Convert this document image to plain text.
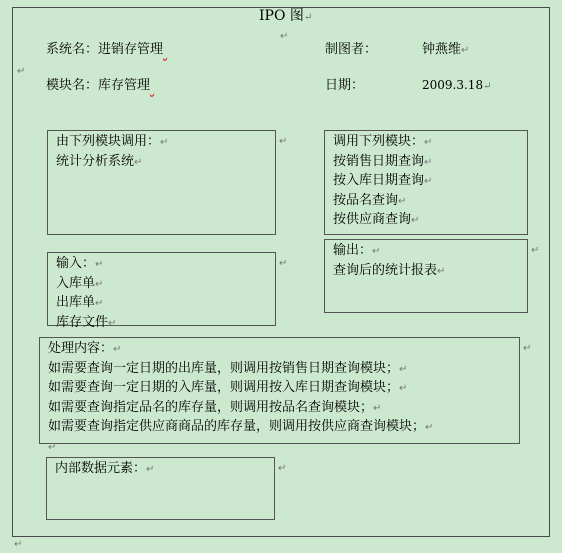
IPO 图↵
系统名： 进销存管理	制图者：	钟燕维↵
↵
↵
模块名： 库存管理	日期：	2009.3.18↵
由下列模块调用：↵
统计分析系统↵
↵	调用下列模块：↵
按销售日期查询↵
按入库日期查询↵
按品名查询↵
按供应商查询↵
输入：↵
入库单↵
出库单↵
库存文件↵
↵
输出：↵
查询后的统计报表↵
↵
处理内容：↵
如需要查询一定日期的出库量，则调用按销售日期查询模块；↵
如需要查询一定日期的入库量，则调用按入库日期查询模块；↵
如需要查询指定品名的库存量，则调用按品名查询模块；↵
如需要查询指定供应商商品的库存量，则调用按供应商查询模块；↵
↵
↵
内部数据元素：↵	↵
↵
